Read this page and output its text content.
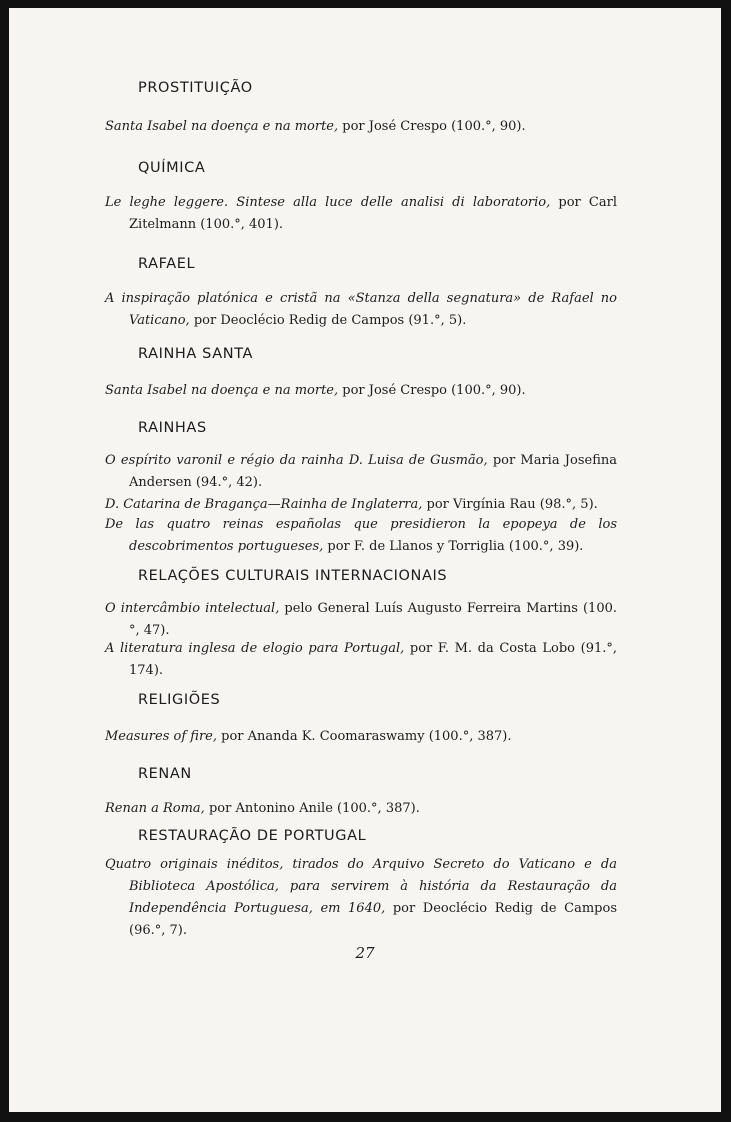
PROSTITUIÇÃO

Santa Isabel na doença e na morte, por José Crespo (100.°, 90).

QUÍMICA

Le leghe leggere. Sintese alla luce delle analisi di laboratorio, por Carl Zitelmann (100.°, 401).

RAFAEL

A inspiração platónica e cristã na «Stanza della segnatura» de Rafael no Vaticano, por Deoclécio Redig de Campos (91.°, 5).

RAINHA SANTA

Santa Isabel na doença e na morte, por José Crespo (100.°, 90).

RAINHAS

O espírito varonil e régio da rainha D. Luisa de Gusmão, por Maria Josefina Andersen (94.°, 42).

D. Catarina de Bragança—Rainha de Inglaterra, por Virgínia Rau (98.°, 5).

De las quatro reinas españolas que presidieron la epopeya de los descobrimentos portugueses, por F. de Llanos y Torriglia (100.°, 39).

RELAÇÕES CULTURAIS INTERNACIONAIS

O intercâmbio intelectual, pelo General Luís Augusto Ferreira Martins (100.°, 47).

A literatura inglesa de elogio para Portugal, por F. M. da Costa Lobo (91.°, 174).

RELIGIÕES

Measures of fire, por Ananda K. Coomaraswamy (100.°, 387).

RENAN

Renan a Roma, por Antonino Anile (100.°, 387).

RESTAURAÇÃO DE PORTUGAL

Quatro originais inéditos, tirados do Arquivo Secreto do Vaticano e da Biblioteca Apostólica, para servirem à história da Restauração da Independência Portuguesa, em 1640, por Deoclécio Redig de Campos (96.°, 7).

27
